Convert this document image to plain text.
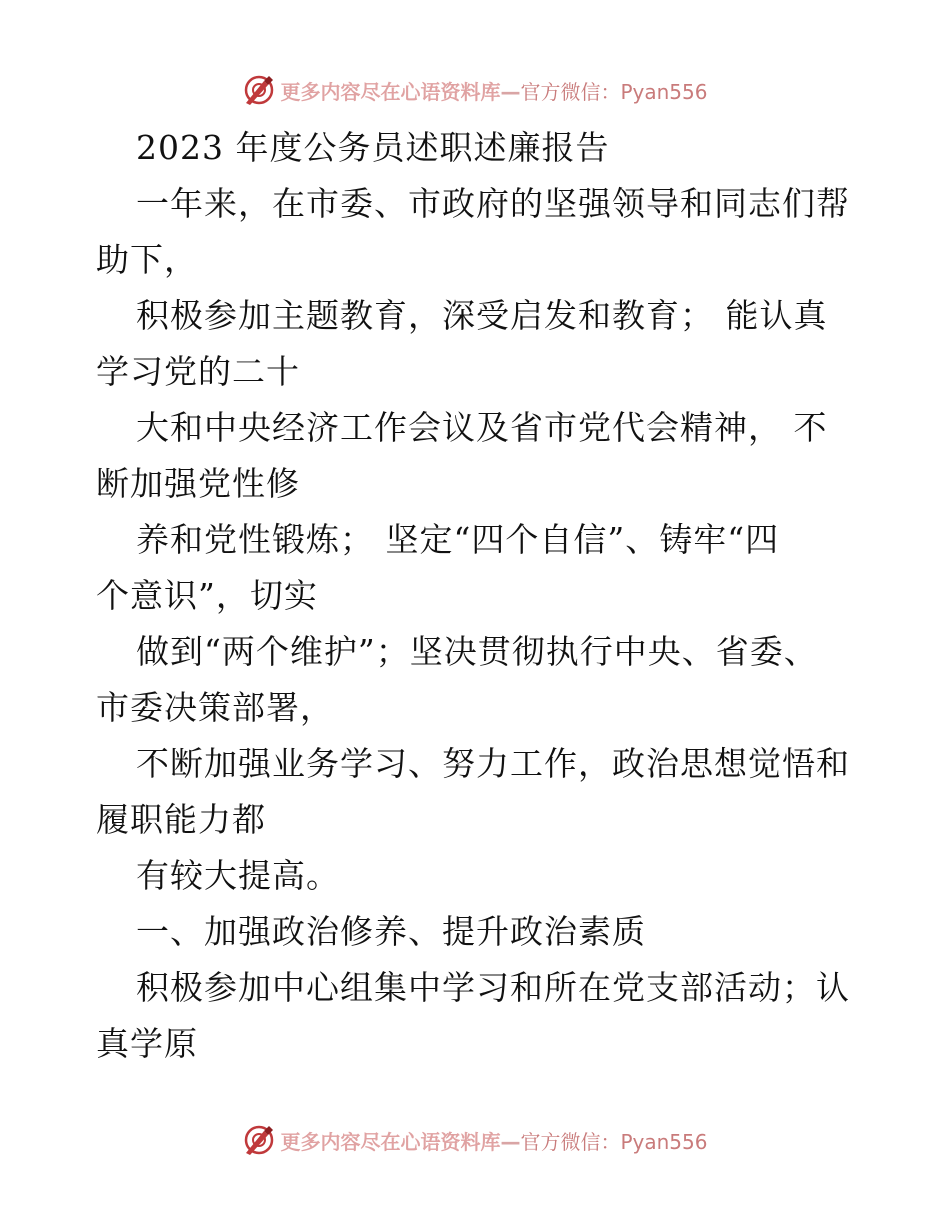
更多内容尽在心语资料库—官方微信：Pyan556
2023 年度公务员述职述廉报告
一年来，在市委、市政府的坚强领导和同志们帮
助下，
积极参加主题教育，深受启发和教育； 能认真
学习党的二十
大和中央经济工作会议及省市党代会精神， 不
断加强党性修
养和党性锻炼； 坚定“四个自信”、铸牢“四
个意识”，切实
做到“两个维护”；坚决贯彻执行中央、省委、
市委决策部署，
不断加强业务学习、努力工作，政治思想觉悟和
履职能力都
有较大提高。
一、加强政治修养、提升政治素质
积极参加中心组集中学习和所在党支部活动；认
真学原
更多内容尽在心语资料库—官方微信：Pyan556
